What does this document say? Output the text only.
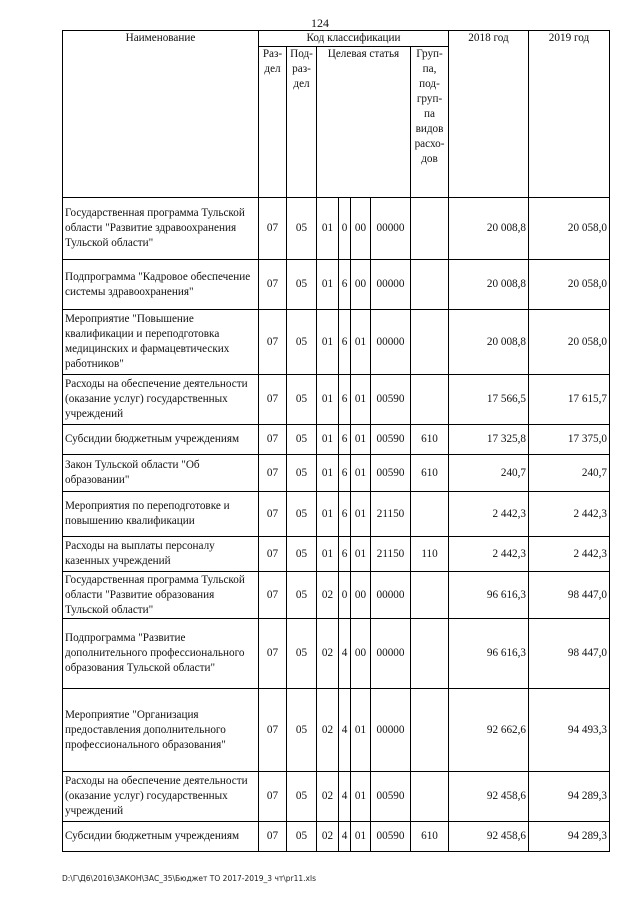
124
Наименование	Код классификации							2018 год	2019 год
	Раз-дел	Под-раз-дел	Целевая статья				Груп-па, под-груп-па видов расхо-дов		
Государственная программа Тульской области "Развитие здравоохранения Тульской области"	07	05	01	0	00	00000		20 008,8	20 058,0
Подпрограмма "Кадровое обеспечение системы здравоохранения"	07	05	01	6	00	00000		20 008,8	20 058,0
Мероприятие "Повышение квалификации и переподготовка медицинских и фармацевтических работников"	07	05	01	6	01	00000		20 008,8	20 058,0
Расходы на обеспечение деятельности (оказание услуг) государственных учреждений	07	05	01	6	01	00590		17 566,5	17 615,7
Субсидии бюджетным учреждениям	07	05	01	6	01	00590	610	17 325,8	17 375,0
Закон Тульской области "Об образовании"	07	05	01	6	01	00590	610	240,7	240,7
Мероприятия по переподготовке и повышению квалификации	07	05	01	6	01	21150		2 442,3	2 442,3
Расходы на выплаты персоналу казенных учреждений	07	05	01	6	01	21150	110	2 442,3	2 442,3
Государственная программа Тульской области "Развитие образования Тульской области"	07	05	02	0	00	00000		96 616,3	98 447,0
Подпрограмма "Развитие дополнительного профессионального образования Тульской области"	07	05	02	4	00	00000		96 616,3	98 447,0
Мероприятие "Организация предоставления дополнительного профессионального образования"	07	05	02	4	01	00000		92 662,6	94 493,3
Расходы на обеспечение деятельности (оказание услуг) государственных учреждений	07	05	02	4	01	00590		92 458,6	94 289,3
Субсидии бюджетным учреждениям	07	05	02	4	01	00590	610	92 458,6	94 289,3
D:\Г\Д6\2016\ЗАКОН\ЗАС_35\Бюджет ТО 2017-2019_3 чт\pr11.xls
